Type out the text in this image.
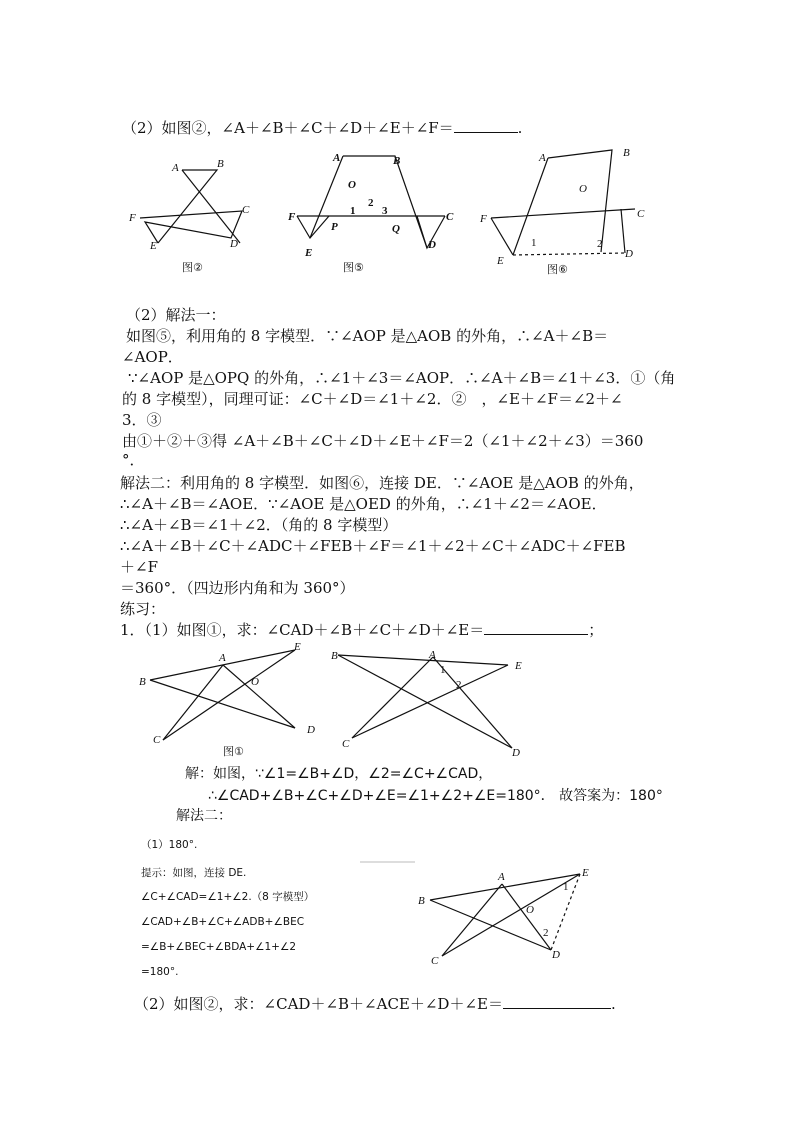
（2）如图②，∠A＋∠B＋∠C＋∠D＋∠E＋∠F＝	.
A	B
C
D
E
F
图②
A	B
O
1
2
3
P	Q
F	C
E
D
图⑤
A	B
O
F	C
E
D
1	2
图⑥
（2）解法一：
如图⑤，利用角的 8 字模型．∵∠AOP 是△AOB 的外角，∴∠A＋∠B＝
∠AOP．
∵∠AOP 是△OPQ 的外角，∴∠1＋∠3＝∠AOP．∴∠A＋∠B＝∠1＋∠3．①（角
的 8 字模型），同理可证：∠C＋∠D＝∠1＋∠2．②　，∠E＋∠F＝∠2＋∠
3．③
由①＋②＋③得 ∠A＋∠B＋∠C＋∠D＋∠E＋∠F＝2（∠1＋∠2＋∠3）＝360
°．
解法二：利用角的 8 字模型．如图⑥，连接 DE．∵∠AOE 是△AOB 的外角，
∴∠A＋∠B＝∠AOE．∵∠AOE 是△OED 的外角，∴∠1＋∠2＝∠AOE．
∴∠A＋∠B＝∠1＋∠2．（角的 8 字模型）
∴∠A＋∠B＋∠C＋∠ADC＋∠FEB＋∠F＝∠1＋∠2＋∠C＋∠ADC＋∠FEB
＋∠F
＝360°．（四边形内角和为 360°）
练习：
1．（1）如图①，求：∠CAD＋∠B＋∠C＋∠D＋∠E＝	；
A
B
C
D
E
O
图①
B	A
E
C
D
1
2
解：如图，∵∠1=∠B+∠D，∠2=∠C+∠CAD，
∴∠CAD+∠B+∠C+∠D+∠E=∠1+∠2+∠E=180°． 故答案为：180°
解法二：
（1）180°.
提示：如图，连接 DE.
∠C+∠CAD=∠1+∠2.（8 字模型）
∠CAD+∠B+∠C+∠ADB+∠BEC
=∠B+∠BEC+∠BDA+∠1+∠2
=180°.
B
A	E
O
C	D
1
2
（2）如图②，求：∠CAD＋∠B＋∠ACE＋∠D＋∠E＝	.
